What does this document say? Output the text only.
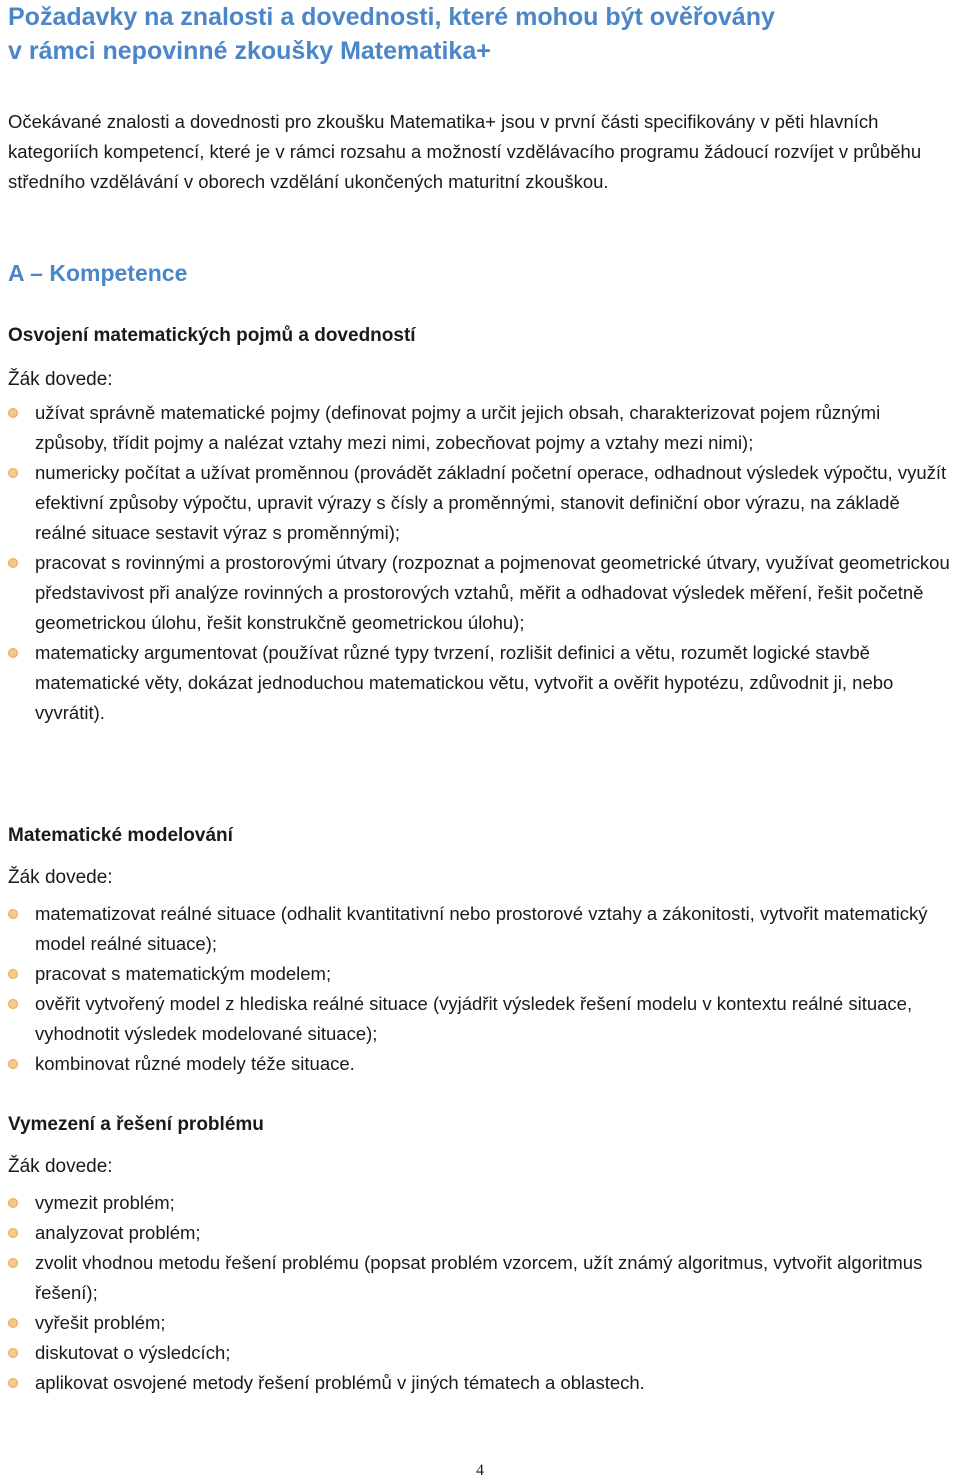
Požadavky na znalosti a dovednosti, které mohou být ověřovány
v rámci nepovinné zkoušky Matematika+
Očekávané znalosti a dovednosti pro zkoušku Matematika+ jsou v první části specifikovány v pěti hlavních kategoriích kompetencí, které je v rámci rozsahu a možností vzdělávacího programu žádoucí rozvíjet v průběhu středního vzdělávání v oborech vzdělání ukončených maturitní zkouškou.
A – Kompetence
Osvojení matematických pojmů a dovedností
Žák dovede:
užívat správně matematické pojmy (definovat pojmy a určit jejich obsah, charakterizovat pojem různými způsoby, třídit pojmy a nalézat vztahy mezi nimi, zobecňovat pojmy a vztahy mezi nimi);
numericky počítat a užívat proměnnou (provádět základní početní operace, odhadnout výsledek výpočtu, využít efektivní způsoby výpočtu, upravit výrazy s čísly a proměnnými, stanovit definiční obor výrazu, na základě reálné situace sestavit výraz s proměnnými);
pracovat s rovinnými a prostorovými útvary (rozpoznat a pojmenovat geometrické útvary, využívat geometrickou představivost při analýze rovinných a prostorových vztahů, měřit a odhadovat výsledek měření, řešit početně geometrickou úlohu, řešit konstrukčně geometrickou úlohu);
matematicky argumentovat (používat různé typy tvrzení, rozlišit definici a větu, rozumět logické stavbě matematické věty, dokázat jednoduchou matematickou větu, vytvořit a ověřit hypotézu, zdůvodnit ji, nebo vyvrátit).
Matematické modelování
Žák dovede:
matematizovat reálné situace (odhalit kvantitativní nebo prostorové vztahy a zákonitosti, vytvořit matematický model reálné situace);
pracovat s matematickým modelem;
ověřit vytvořený model z hlediska reálné situace (vyjádřit výsledek řešení modelu v kontextu reálné situace, vyhodnotit výsledek modelované situace);
kombinovat různé modely téže situace.
Vymezení a řešení problému
Žák dovede:
vymezit problém;
analyzovat problém;
zvolit vhodnou metodu řešení problému (popsat problém vzorcem, užít známý algoritmus, vytvořit algoritmus řešení);
vyřešit problém;
diskutovat o výsledcích;
aplikovat osvojené metody řešení problémů v jiných tématech a oblastech.
4
